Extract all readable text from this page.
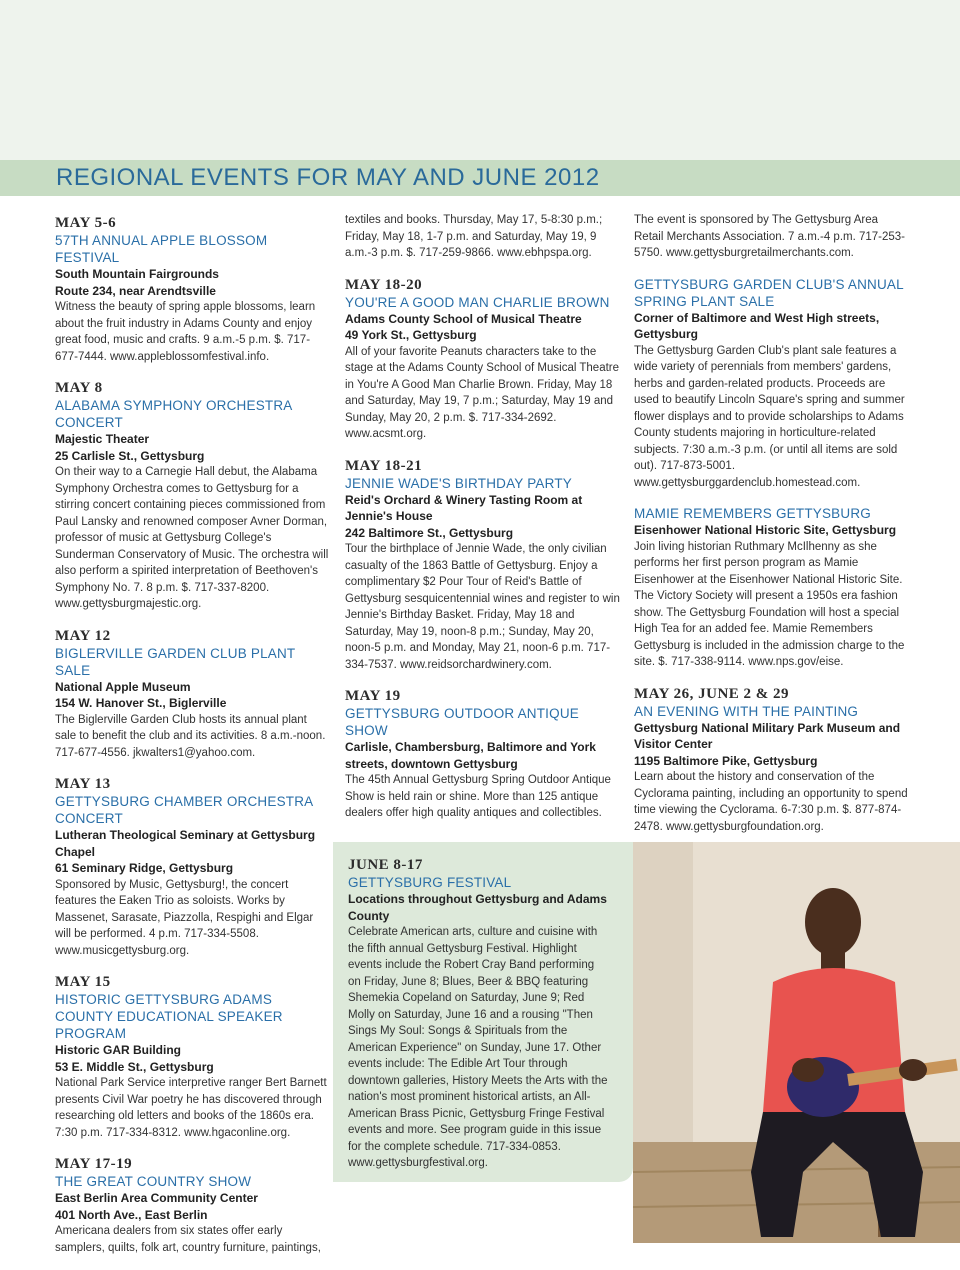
REGIONAL EVENTS FOR MAY AND JUNE 2012
MAY 5-6
57TH ANNUAL APPLE BLOSSOM FESTIVAL
South Mountain Fairgrounds
Route 234, near Arendtsville
Witness the beauty of spring apple blossoms, learn about the fruit industry in Adams County and enjoy great food, music and crafts. 9 a.m.-5 p.m. $. 717-677-7444. www.appleblossomfestival.info.
MAY 8
ALABAMA SYMPHONY ORCHESTRA CONCERT
Majestic Theater
25 Carlisle St., Gettysburg
On their way to a Carnegie Hall debut, the Alabama Symphony Orchestra comes to Gettysburg for a stirring concert containing pieces commissioned from Paul Lansky and renowned composer Avner Dorman, professor of music at Gettysburg College's Sunderman Conservatory of Music. The orchestra will also perform a spirited interpretation of Beethoven's Symphony No. 7. 8 p.m. $. 717-337-8200. www.gettysburgmajestic.org.
MAY 12
BIGLERVILLE GARDEN CLUB PLANT SALE
National Apple Museum
154 W. Hanover St., Biglerville
The Biglerville Garden Club hosts its annual plant sale to benefit the club and its activities. 8 a.m.-noon. 717-677-4556. jkwalters1@yahoo.com.
MAY 13
GETTYSBURG CHAMBER ORCHESTRA CONCERT
Lutheran Theological Seminary at Gettysburg Chapel
61 Seminary Ridge, Gettysburg
Sponsored by Music, Gettysburg!, the concert features the Eaken Trio as soloists. Works by Massenet, Sarasate, Piazzolla, Respighi and Elgar will be performed. 4 p.m. 717-334-5508. www.musicgettysburg.org.
MAY 15
HISTORIC GETTYSBURG ADAMS COUNTY EDUCATIONAL SPEAKER PROGRAM
Historic GAR Building
53 E. Middle St., Gettysburg
National Park Service interpretive ranger Bert Barnett presents Civil War poetry he has discovered through researching old letters and books of the 1860s era. 7:30 p.m. 717-334-8312. www.hgaconline.org.
MAY 17-19
THE GREAT COUNTRY SHOW
East Berlin Area Community Center
401 North Ave., East Berlin
Americana dealers from six states offer early samplers, quilts, folk art, country furniture, paintings,
textiles and books. Thursday, May 17, 5-8:30 p.m.; Friday, May 18, 1-7 p.m. and Saturday, May 19, 9 a.m.-3 p.m. $. 717-259-9866. www.ebhpspa.org.
MAY 18-20
YOU'RE A GOOD MAN CHARLIE BROWN
Adams County School of Musical Theatre
49 York St., Gettysburg
All of your favorite Peanuts characters take to the stage at the Adams County School of Musical Theatre in You're A Good Man Charlie Brown. Friday, May 18 and Saturday, May 19, 7 p.m.; Saturday, May 19 and Sunday, May 20, 2 p.m. $. 717-334-2692. www.acsmt.org.
MAY 18-21
JENNIE WADE'S BIRTHDAY PARTY
Reid's Orchard & Winery Tasting Room at Jennie's House
242 Baltimore St., Gettysburg
Tour the birthplace of Jennie Wade, the only civilian casualty of the 1863 Battle of Gettysburg. Enjoy a complimentary $2 Pour Tour of Reid's Battle of Gettysburg sesquicentennial wines and register to win Jennie's Birthday Basket. Friday, May 18 and Saturday, May 19, noon-8 p.m.; Sunday, May 20, noon-5 p.m. and Monday, May 21, noon-6 p.m. 717-334-7537. www.reidsorchardwinery.com.
MAY 19
GETTYSBURG OUTDOOR ANTIQUE SHOW
Carlisle, Chambersburg, Baltimore and York streets, downtown Gettysburg
The 45th Annual Gettysburg Spring Outdoor Antique Show is held rain or shine. More than 125 antique dealers offer high quality antiques and collectibles.
The event is sponsored by The Gettysburg Area Retail Merchants Association. 7 a.m.-4 p.m. 717-253-5750. www.gettysburgretailmerchants.com.
GETTYSBURG GARDEN CLUB'S ANNUAL SPRING PLANT SALE
Corner of Baltimore and West High streets, Gettysburg
The Gettysburg Garden Club's plant sale features a wide variety of perennials from members' gardens, herbs and garden-related products. Proceeds are used to beautify Lincoln Square's spring and summer flower displays and to provide scholarships to Adams County students majoring in horticulture-related subjects. 7:30 a.m.-3 p.m. (or until all items are sold out). 717-873-5001. www.gettysburggardenclub.homestead.com.
MAMIE REMEMBERS GETTYSBURG
Eisenhower National Historic Site, Gettysburg
Join living historian Ruthmary McIlhenny as she performs her first person program as Mamie Eisenhower at the Eisenhower National Historic Site. The Victory Society will present a 1950s era fashion show. The Gettysburg Foundation will host a special High Tea for an added fee. Mamie Remembers Gettysburg is included in the admission charge to the site. $. 717-338-9114. www.nps.gov/eise.
MAY 26, JUNE 2 & 29
AN EVENING WITH THE PAINTING
Gettysburg National Military Park Museum and Visitor Center
1195 Baltimore Pike, Gettysburg
Learn about the history and conservation of the Cyclorama painting, including an opportunity to spend time viewing the Cyclorama. 6-7:30 p.m. $. 877-874-2478. www.gettysburgfoundation.org.
JUNE 8-17
GETTYSBURG FESTIVAL
Locations throughout Gettysburg and Adams County
Celebrate American arts, culture and cuisine with the fifth annual Gettysburg Festival. Highlight events include the Robert Cray Band performing on Friday, June 8; Blues, Beer & BBQ featuring Shemekia Copeland on Saturday, June 9; Red Molly on Saturday, June 16 and a rousing "Then Sings My Soul: Songs & Spirituals from the American Experience" on Sunday, June 17. Other events include: The Edible Art Tour through downtown galleries, History Meets the Arts with the nation's most prominent historical artists, an All-American Brass Picnic, Gettysburg Fringe Festival events and more. See program guide in this issue for the complete schedule. 717-334-0853. www.gettysburgfestival.org.
